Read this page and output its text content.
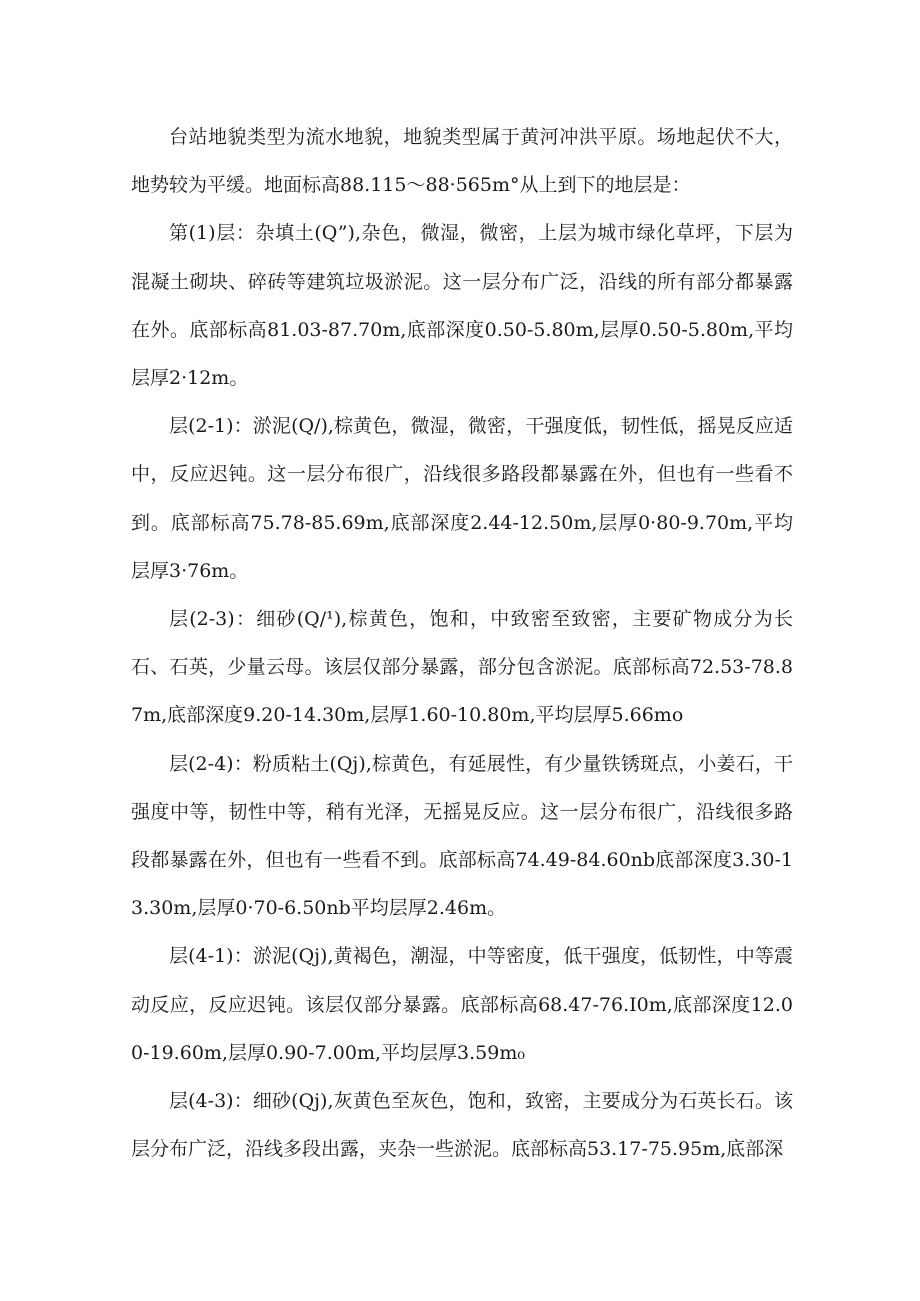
台站地貌类型为流水地貌，地貌类型属于黄河冲洪平原。场地起伏不大，地势较为平缓。地面标高88.115～88·565m°从上到下的地层是：

第(1)层：杂填土(Q”),杂色，微湿，微密，上层为城市绿化草坪，下层为混凝土砌块、碎砖等建筑垃圾淤泥。这一层分布广泛，沿线的所有部分都暴露在外。底部标高81.03-87.70m,底部深度0.50-5.80m,层厚0.50-5.80m,平均层厚2·12m。

层(2-1)：淤泥(Q/),棕黄色，微湿，微密，干强度低，韧性低，摇晃反应适中，反应迟钝。这一层分布很广，沿线很多路段都暴露在外，但也有一些看不到。底部标高75.78-85.69m,底部深度2.44-12.50m,层厚0·80-9.70m,平均层厚3·76m。

层(2-3)：细砂(Q/¹),棕黄色，饱和，中致密至致密，主要矿物成分为长石、石英，少量云母。该层仅部分暴露，部分包含淤泥。底部标高72.53-78.87m,底部深度9.20-14.30m,层厚1.60-10.80m,平均层厚5.66mo

层(2-4)：粉质粘土(Qj),棕黄色，有延展性，有少量铁锈斑点，小姜石，干强度中等，韧性中等，稍有光泽，无摇晃反应。这一层分布很广，沿线很多路段都暴露在外，但也有一些看不到。底部标高74.49-84.60nb底部深度3.30-13.30m,层厚0·70-6.50nb平均层厚2.46m。

层(4-1)：淤泥(Qj),黄褐色，潮湿，中等密度，低干强度，低韧性，中等震动反应，反应迟钝。该层仅部分暴露。底部标高68.47-76.I0m,底部深度12.00-19.60m,层厚0.90-7.00m,平均层厚3.59m₀

层(4-3)：细砂(Qj),灰黄色至灰色，饱和，致密，主要成分为石英长石。该层分布广泛，沿线多段出露，夹杂一些淤泥。底部标高53.17-75.95m,底部深
